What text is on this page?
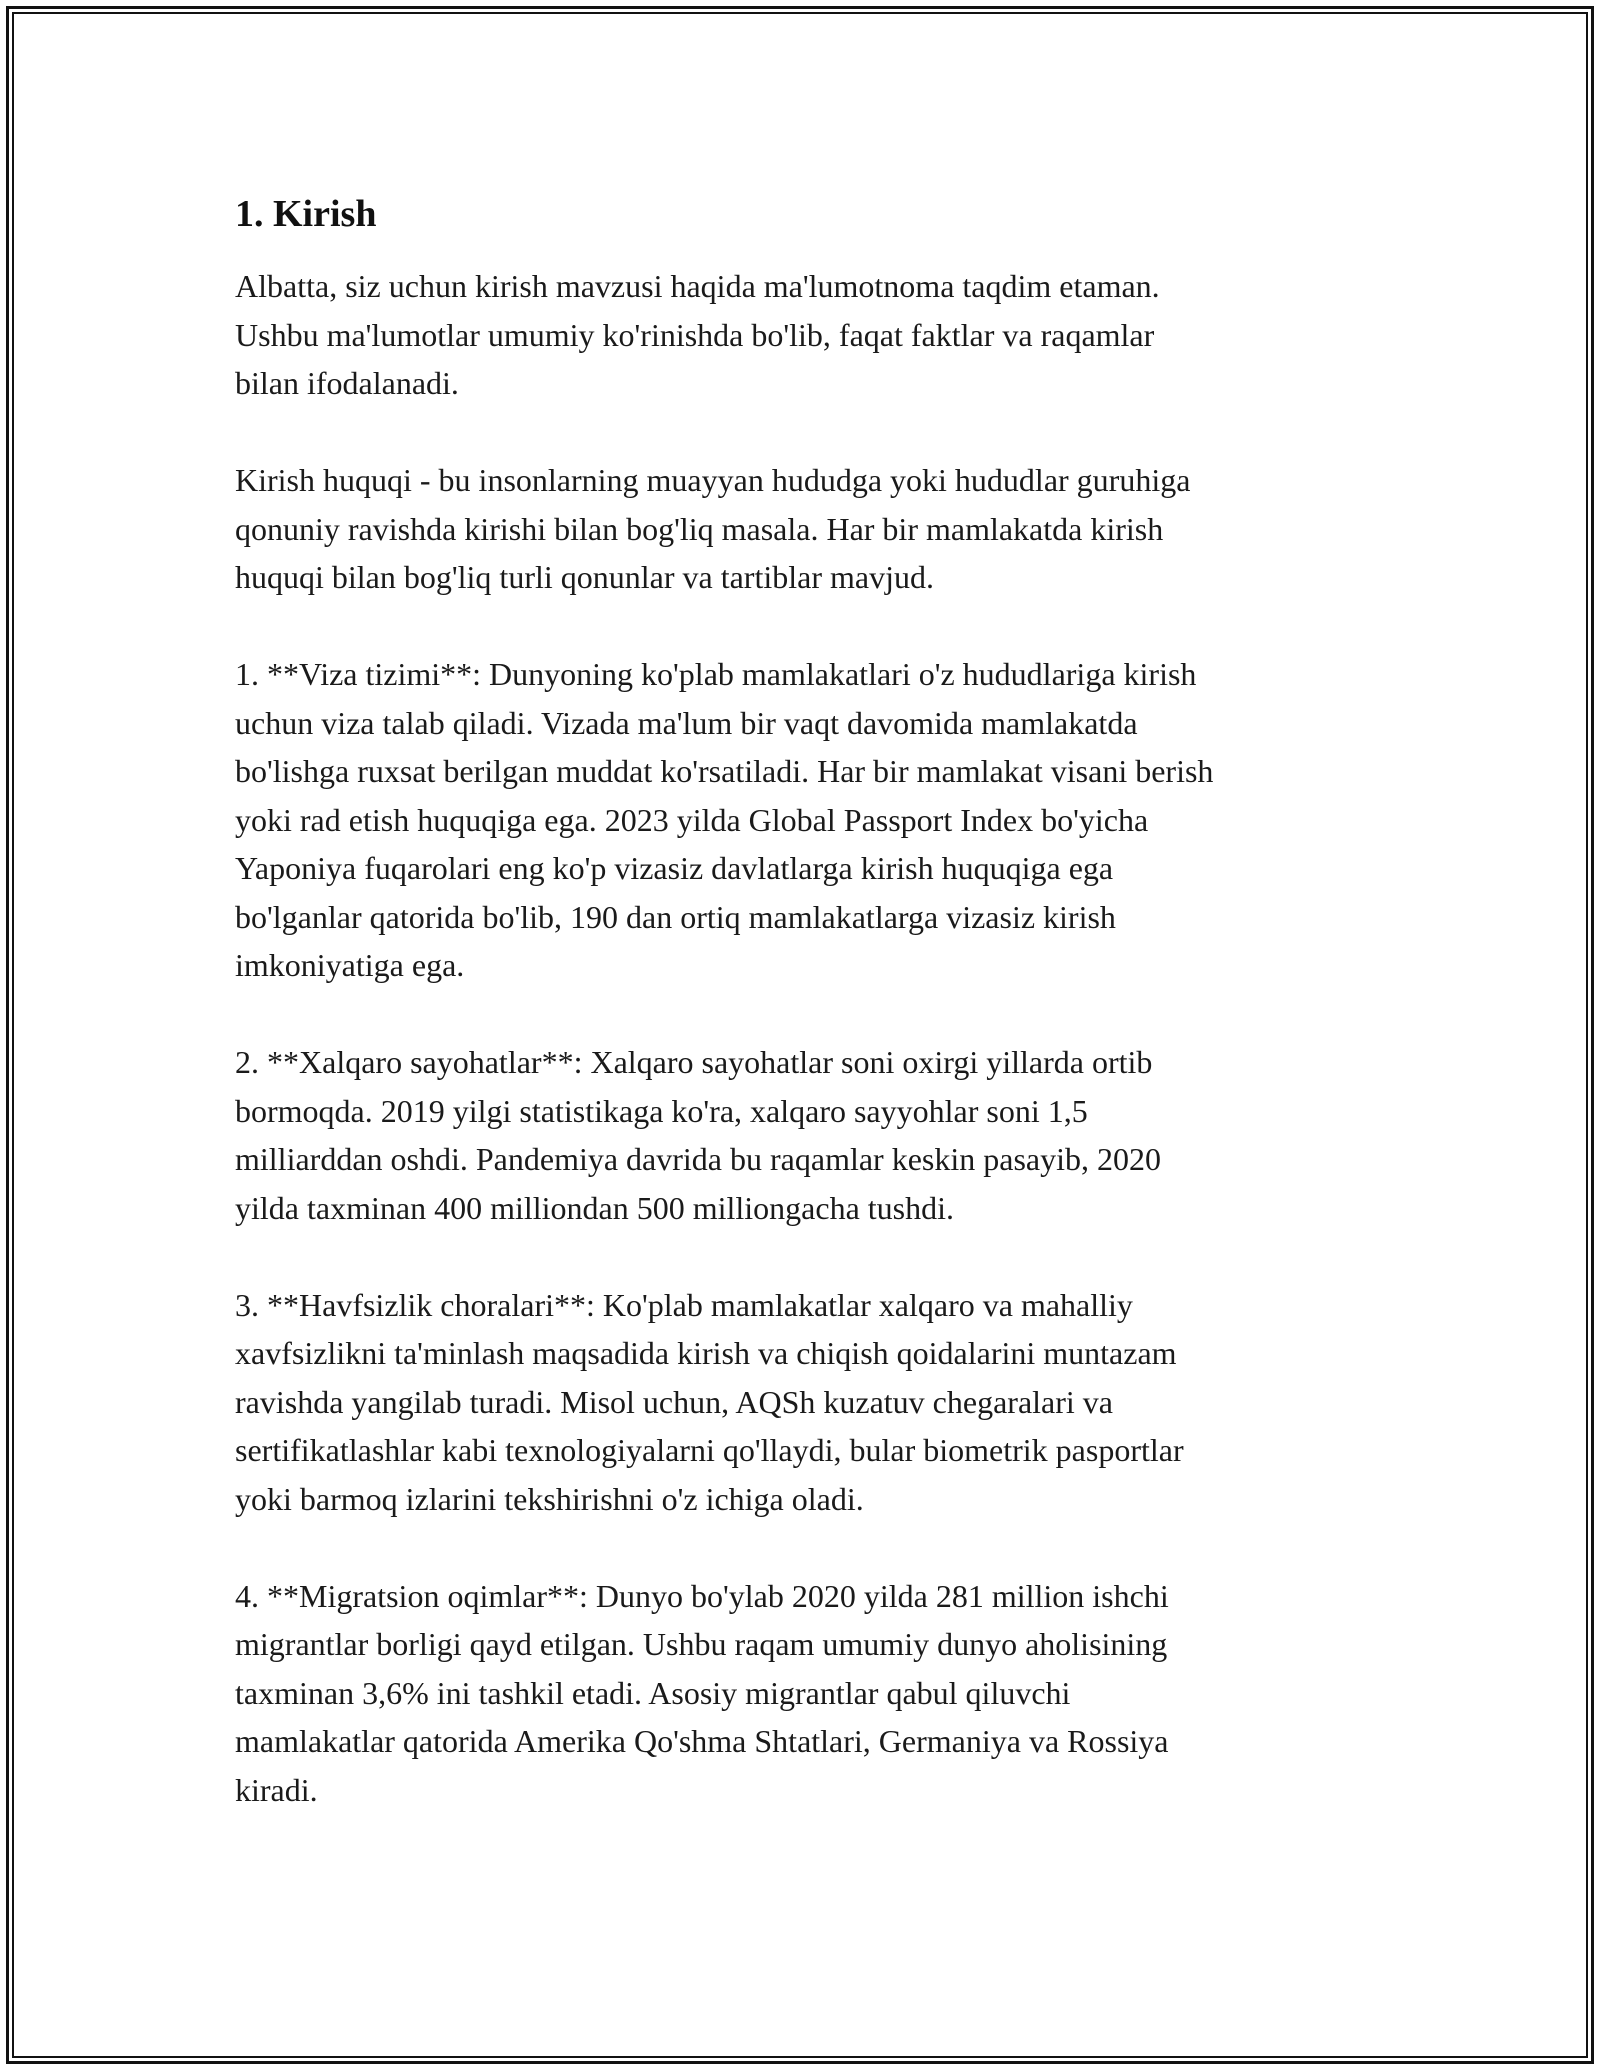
1. Kirish

Albatta, siz uchun kirish mavzusi haqida ma'lumotnoma taqdim etaman.
Ushbu ma'lumotlar umumiy ko'rinishda bo'lib, faqat faktlar va raqamlar
bilan ifodalanadi.

Kirish huquqi - bu insonlarning muayyan hududga yoki hududlar guruhiga
qonuniy ravishda kirishi bilan bog'liq masala. Har bir mamlakatda kirish
huquqi bilan bog'liq turli qonunlar va tartiblar mavjud.

1. **Viza tizimi**: Dunyoning ko'plab mamlakatlari o'z hududlariga kirish
uchun viza talab qiladi. Vizada ma'lum bir vaqt davomida mamlakatda
bo'lishga ruxsat berilgan muddat ko'rsatiladi. Har bir mamlakat visani berish
yoki rad etish huquqiga ega. 2023 yilda Global Passport Index bo'yicha
Yaponiya fuqarolari eng ko'p vizasiz davlatlarga kirish huquqiga ega
bo'lganlar qatorida bo'lib, 190 dan ortiq mamlakatlarga vizasiz kirish
imkoniyatiga ega.

2. **Xalqaro sayohatlar**: Xalqaro sayohatlar soni oxirgi yillarda ortib
bormoqda. 2019 yilgi statistikaga ko'ra, xalqaro sayyohlar soni 1,5
milliarddan oshdi. Pandemiya davrida bu raqamlar keskin pasayib, 2020
yilda taxminan 400 milliondan 500 milliongacha tushdi.

3. **Havfsizlik choralari**: Ko'plab mamlakatlar xalqaro va mahalliy
xavfsizlikni ta'minlash maqsadida kirish va chiqish qoidalarini muntazam
ravishda yangilab turadi. Misol uchun, AQSh kuzatuv chegaralari va
sertifikatlashlar kabi texnologiyalarni qo'llaydi, bular biometrik pasportlar
yoki barmoq izlarini tekshirishni o'z ichiga oladi.

4. **Migratsion oqimlar**: Dunyo bo'ylab 2020 yilda 281 million ishchi
migrantlar borligi qayd etilgan. Ushbu raqam umumiy dunyo aholisining
taxminan 3,6% ini tashkil etadi. Asosiy migrantlar qabul qiluvchi
mamlakatlar qatorida Amerika Qo'shma Shtatlari, Germaniya va Rossiya
kiradi.
